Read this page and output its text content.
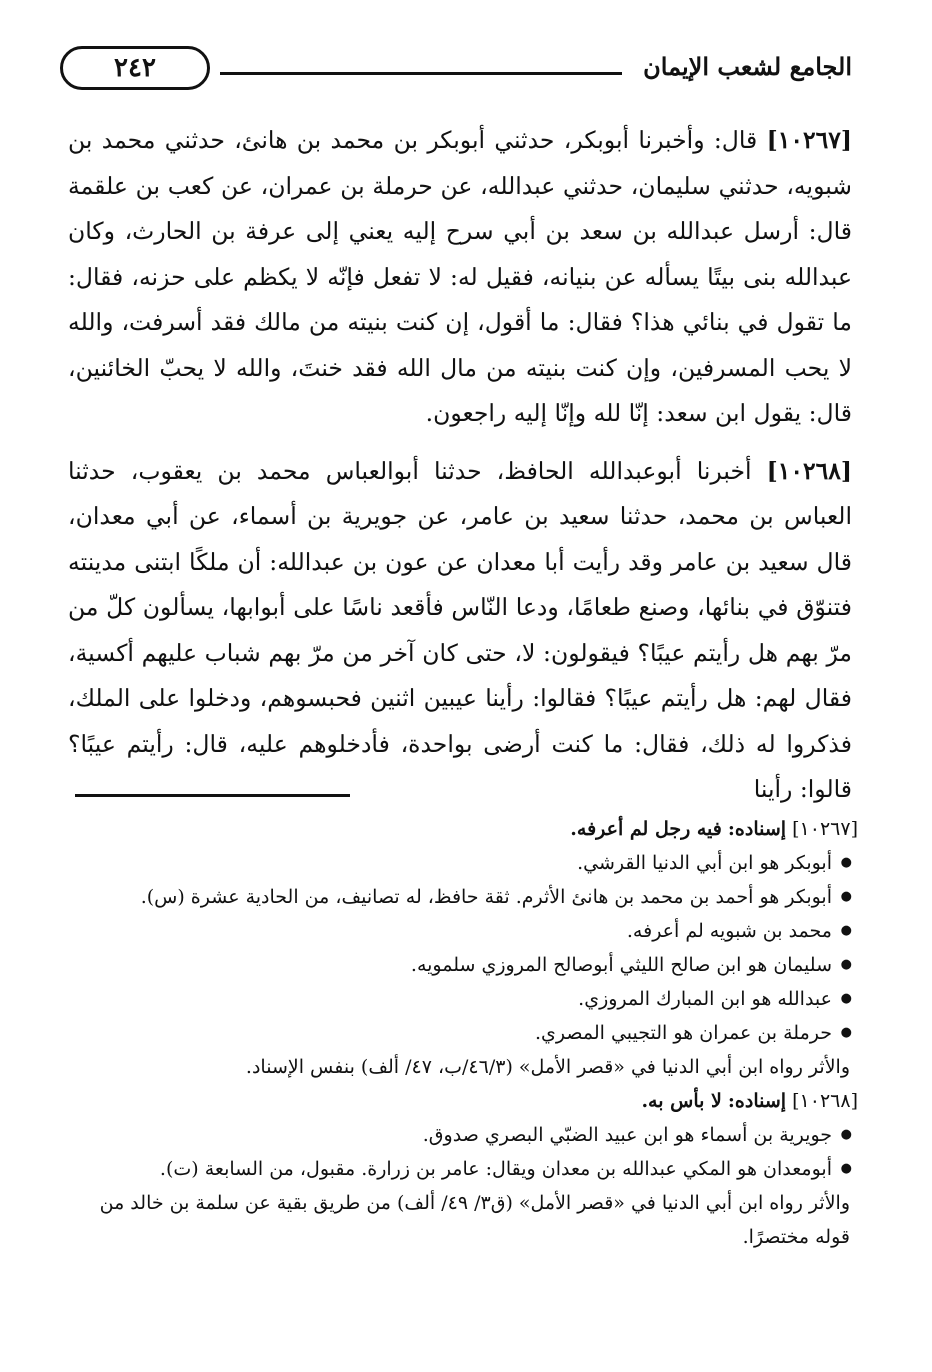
الجامع لشعب الإيمان
٢٤٢

[١٠٢٦٧] قال: وأخبرنا أبوبكر، حدثني أبوبكر بن محمد بن هانئ، حدثني محمد بن شبويه، حدثني سليمان، حدثني عبدالله، عن حرملة بن عمران، عن كعب بن علقمة قال: أرسل عبدالله بن سعد بن أبي سرح إليه يعني إلى عرفة بن الحارث، وكان عبدالله بنى بيتًا يسأله عن بنيانه، فقيل له: لا تفعل فإنّه لا يكظم على حزنه، فقال: ما تقول في بنائي هذا؟ فقال: ما أقول، إن كنت بنيته من مالك فقد أسرفت، والله لا يحب المسرفين، وإن كنت بنيته من مال الله فقد خنتَ، والله لا يحبّ الخائنين، قال: يقول ابن سعد: إنّا لله وإنّا إليه راجعون.

[١٠٢٦٨] أخبرنا أبوعبدالله الحافظ، حدثنا أبوالعباس محمد بن يعقوب، حدثنا العباس بن محمد، حدثنا سعيد بن عامر، عن جويرية بن أسماء، عن أبي معدان، قال سعيد بن عامر وقد رأيت أبا معدان عن عون بن عبدالله: أن ملكًا ابتنى مدينته فتنوّق في بنائها، وصنع طعامًا، ودعا النّاس فأقعد ناسًا على أبوابها، يسألون كلّ من مرّ بهم هل رأيتم عيبًا؟ فيقولون: لا، حتى كان آخر من مرّ بهم شباب عليهم أكسية، فقال لهم: هل رأيتم عيبًا؟ فقالوا: رأينا عيبين اثنين فحبسوهم، ودخلوا على الملك، فذكروا له ذلك، فقال: ما كنت أرضى بواحدة، فأدخلوهم عليه، قال: رأيتم عيبًا؟ قالوا: رأينا

[١٠٢٦٧] إسناده: فيه رجل لم أعرفه.

● أبوبكر هو ابن أبي الدنيا القرشي.
● أبوبكر هو أحمد بن محمد بن هانئ الأثرم. ثقة حافظ، له تصانيف، من الحادية عشرة (س).
● محمد بن شبويه لم أعرفه.
● سليمان هو ابن صالح الليثي أبوصالح المروزي سلمويه.
● عبدالله هو ابن المبارك المروزي.
● حرملة بن عمران هو التجيبي المصري.

والأثر رواه ابن أبي الدنيا في «قصر الأمل» (٤٦/٣/ب، ٤٧/ ألف) بنفس الإسناد.

[١٠٢٦٨] إسناده: لا بأس به.

● جويرية بن أسماء هو ابن عبيد الضبّي البصري صدوق.
● أبومعدان هو المكي عبدالله بن معدان ويقال: عامر بن زرارة. مقبول، من السابعة (ت).

والأثر رواه ابن أبي الدنيا في «قصر الأمل» (ق٣/ ٤٩/ ألف) من طريق بقية عن سلمة بن خالد من قوله مختصرًا.
